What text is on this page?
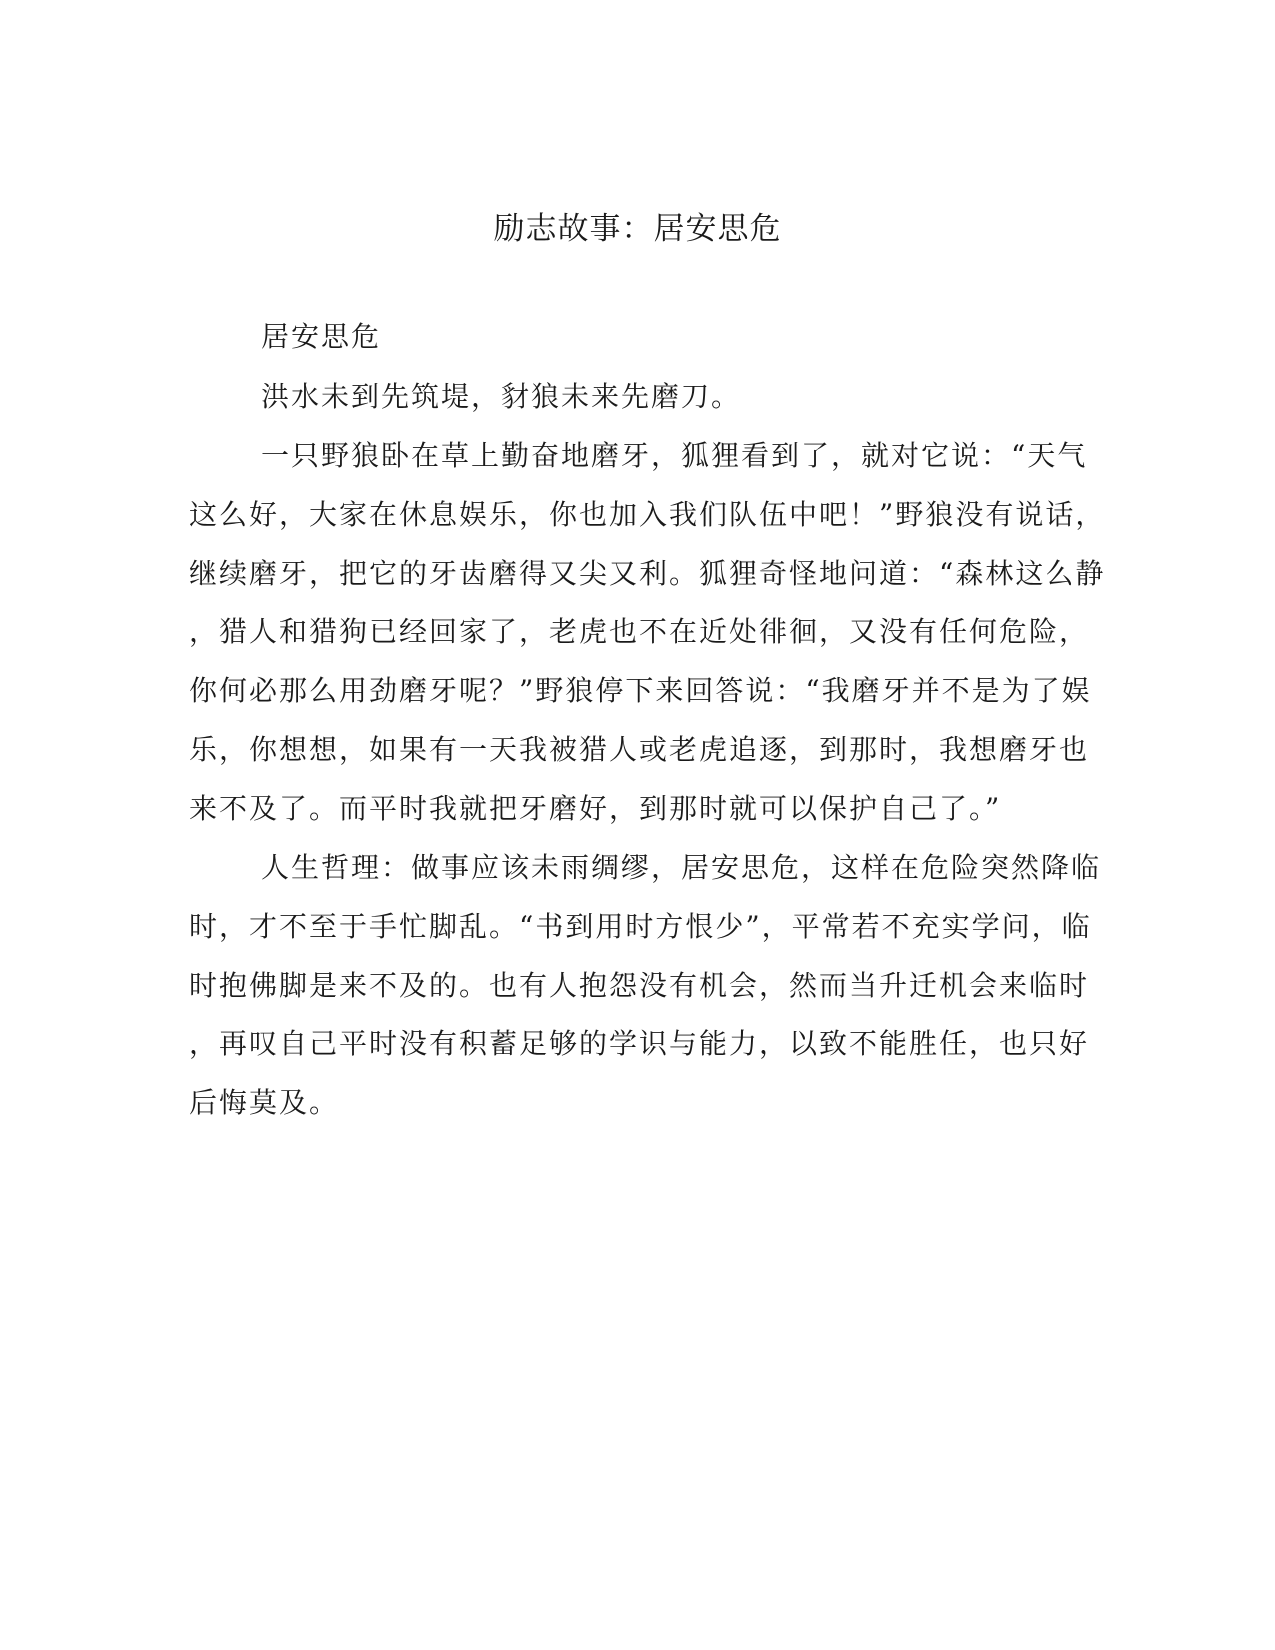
励志故事：居安思危
居安思危
洪水未到先筑堤，豺狼未来先磨刀。
一只野狼卧在草上勤奋地磨牙，狐狸看到了，就对它说：“天气
这么好，大家在休息娱乐，你也加入我们队伍中吧！”野狼没有说话，
继续磨牙，把它的牙齿磨得又尖又利。狐狸奇怪地问道：“森林这么静
，猎人和猎狗已经回家了，老虎也不在近处徘徊，又没有任何危险，
你何必那么用劲磨牙呢？”野狼停下来回答说：“我磨牙并不是为了娱
乐，你想想，如果有一天我被猎人或老虎追逐，到那时，我想磨牙也
来不及了。而平时我就把牙磨好，到那时就可以保护自己了。”
人生哲理：做事应该未雨绸缪，居安思危，这样在危险突然降临
时，才不至于手忙脚乱。“书到用时方恨少”，平常若不充实学问，临
时抱佛脚是来不及的。也有人抱怨没有机会，然而当升迁机会来临时
，再叹自己平时没有积蓄足够的学识与能力，以致不能胜任，也只好
后悔莫及。
